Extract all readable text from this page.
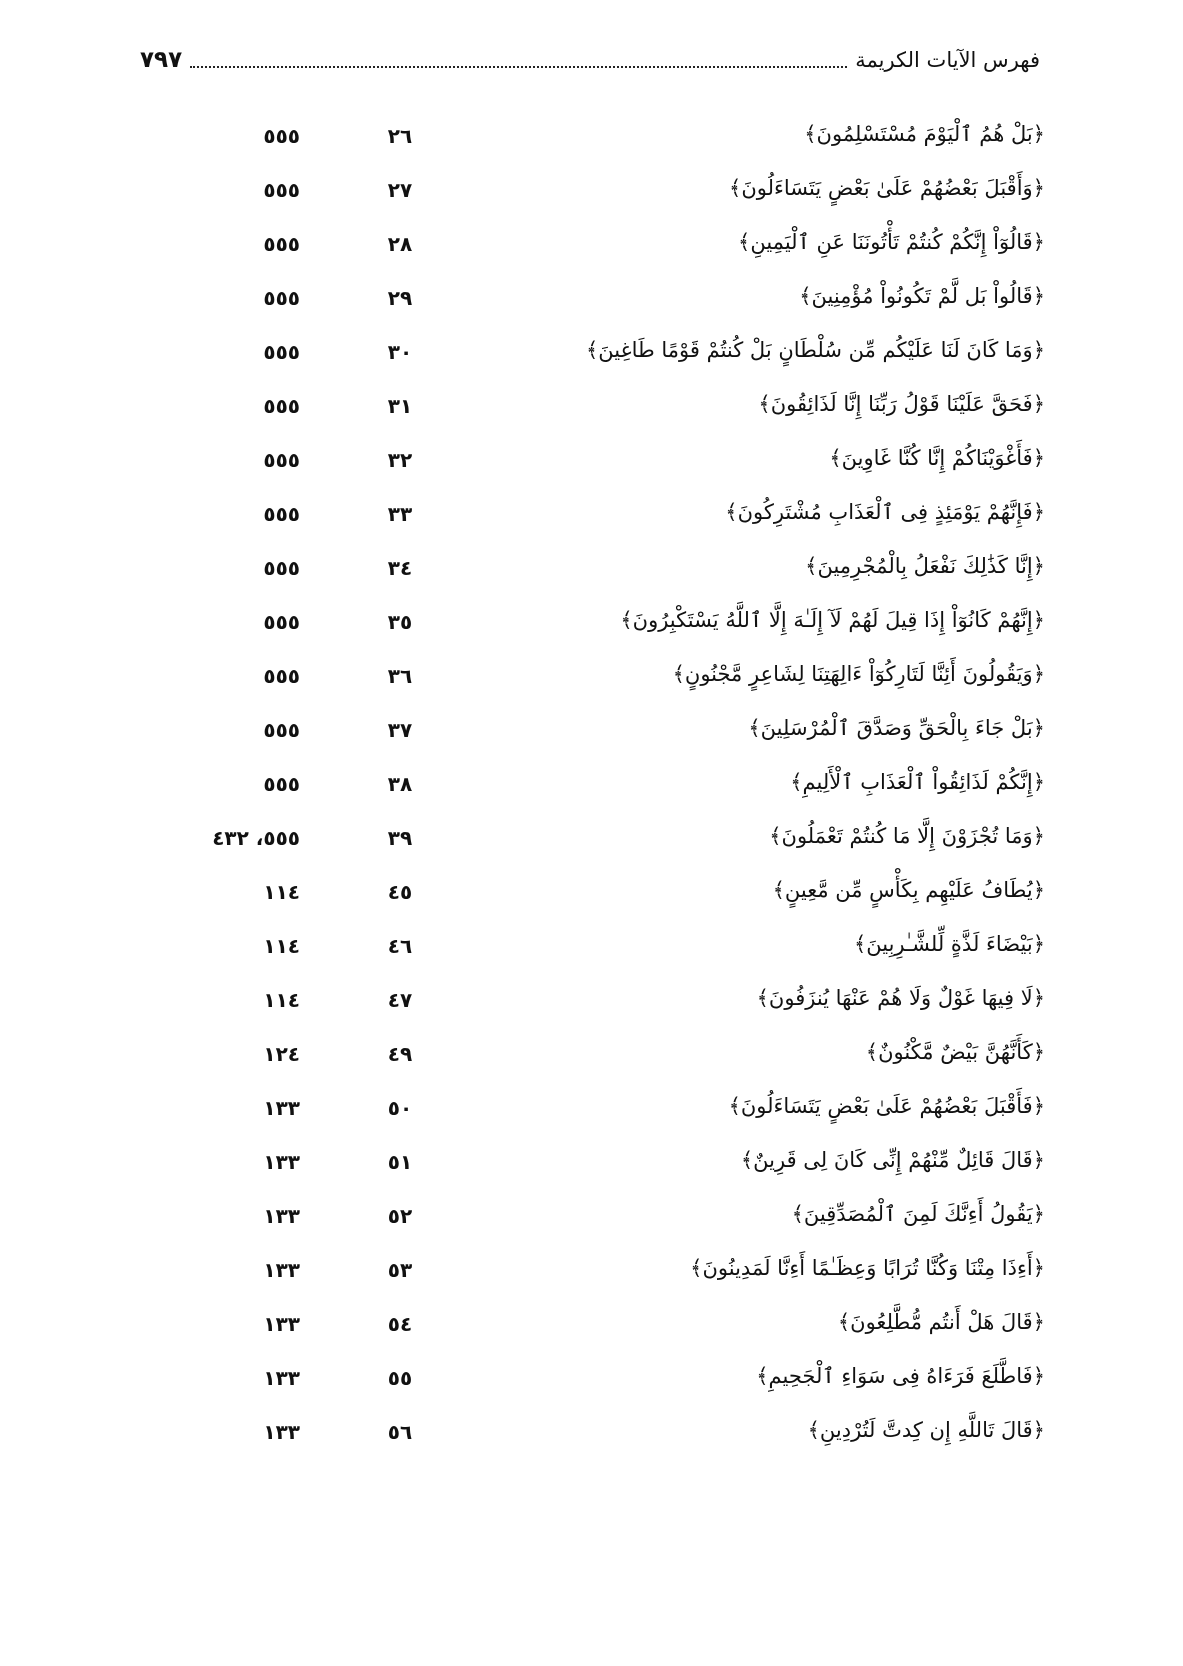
فهرس الآيات الكريمة
٧٩٧
﴿بَلْ هُمُ ٱلْيَوْمَ مُسْتَسْلِمُونَ﴾
٢٦
٥٥٥
﴿وَأَقْبَلَ بَعْضُهُمْ عَلَىٰ بَعْضٍ يَتَسَاءَلُونَ﴾
٢٧
٥٥٥
﴿قَالُوٓاْ إِنَّكُمْ كُنتُمْ تَأْتُونَنَا عَنِ ٱلْيَمِينِ﴾
٢٨
٥٥٥
﴿قَالُواْ بَل لَّمْ تَكُونُواْ مُؤْمِنِينَ﴾
٢٩
٥٥٥
﴿وَمَا كَانَ لَنَا عَلَيْكُم مِّن سُلْطَانٍ بَلْ كُنتُمْ قَوْمًا طَاغِينَ﴾
٣٠
٥٥٥
﴿فَحَقَّ عَلَيْنَا قَوْلُ رَبِّنَا إِنَّا لَذَائِقُونَ﴾
٣١
٥٥٥
﴿فَأَغْوَيْنَاكُمْ إِنَّا كُنَّا غَاوِينَ﴾
٣٢
٥٥٥
﴿فَإِنَّهُمْ يَوْمَئِذٍ فِى ٱلْعَذَابِ مُشْتَرِكُونَ﴾
٣٣
٥٥٥
﴿إِنَّا كَذَٰلِكَ نَفْعَلُ بِالْمُجْرِمِينَ﴾
٣٤
٥٥٥
﴿إِنَّهُمْ كَانُوٓاْ إِذَا قِيلَ لَهُمْ لَآ إِلَـٰهَ إِلَّا ٱللَّهُ يَسْتَكْبِرُونَ﴾
٣٥
٥٥٥
﴿وَيَقُولُونَ أَئِنَّا لَتَارِكُوٓاْ ءَالِهَتِنَا لِشَاعِرٍ مَّجْنُونٍ﴾
٣٦
٥٥٥
﴿بَلْ جَاءَ بِالْحَقِّ وَصَدَّقَ ٱلْمُرْسَلِينَ﴾
٣٧
٥٥٥
﴿إِنَّكُمْ لَذَائِقُواْ ٱلْعَذَابِ ٱلْأَلِيمِ﴾
٣٨
٥٥٥
﴿وَمَا تُجْزَوْنَ إِلَّا مَا كُنتُمْ تَعْمَلُونَ﴾
٣٩
٥٥٥، ٤٣٢
﴿يُطَافُ عَلَيْهِم بِكَأْسٍ مِّن مَّعِينٍ﴾
٤٥
١١٤
﴿بَيْضَاءَ لَذَّةٍ لِّلشَّـٰرِبِينَ﴾
٤٦
١١٤
﴿لَا فِيهَا غَوْلٌ وَلَا هُمْ عَنْهَا يُنزَفُونَ﴾
٤٧
١١٤
﴿كَأَنَّهُنَّ بَيْضٌ مَّكْنُونٌ﴾
٤٩
١٢٤
﴿فَأَقْبَلَ بَعْضُهُمْ عَلَىٰ بَعْضٍ يَتَسَاءَلُونَ﴾
٥٠
١٣٣
﴿قَالَ قَائِلٌ مِّنْهُمْ إِنِّى كَانَ لِى قَرِينٌ﴾
٥١
١٣٣
﴿يَقُولُ أَءِنَّكَ لَمِنَ ٱلْمُصَدِّقِينَ﴾
٥٢
١٣٣
﴿أَءِذَا مِتْنَا وَكُنَّا تُرَابًا وَعِظَـٰمًا أَءِنَّا لَمَدِينُونَ﴾
٥٣
١٣٣
﴿قَالَ هَلْ أَنتُم مُّطَّلِعُونَ﴾
٥٤
١٣٣
﴿فَاطَّلَعَ فَرَءَاهُ فِى سَوَاءِ ٱلْجَحِيمِ﴾
٥٥
١٣٣
﴿قَالَ تَاللَّهِ إِن كِدتَّ لَتُرْدِينِ﴾
٥٦
١٣٣
